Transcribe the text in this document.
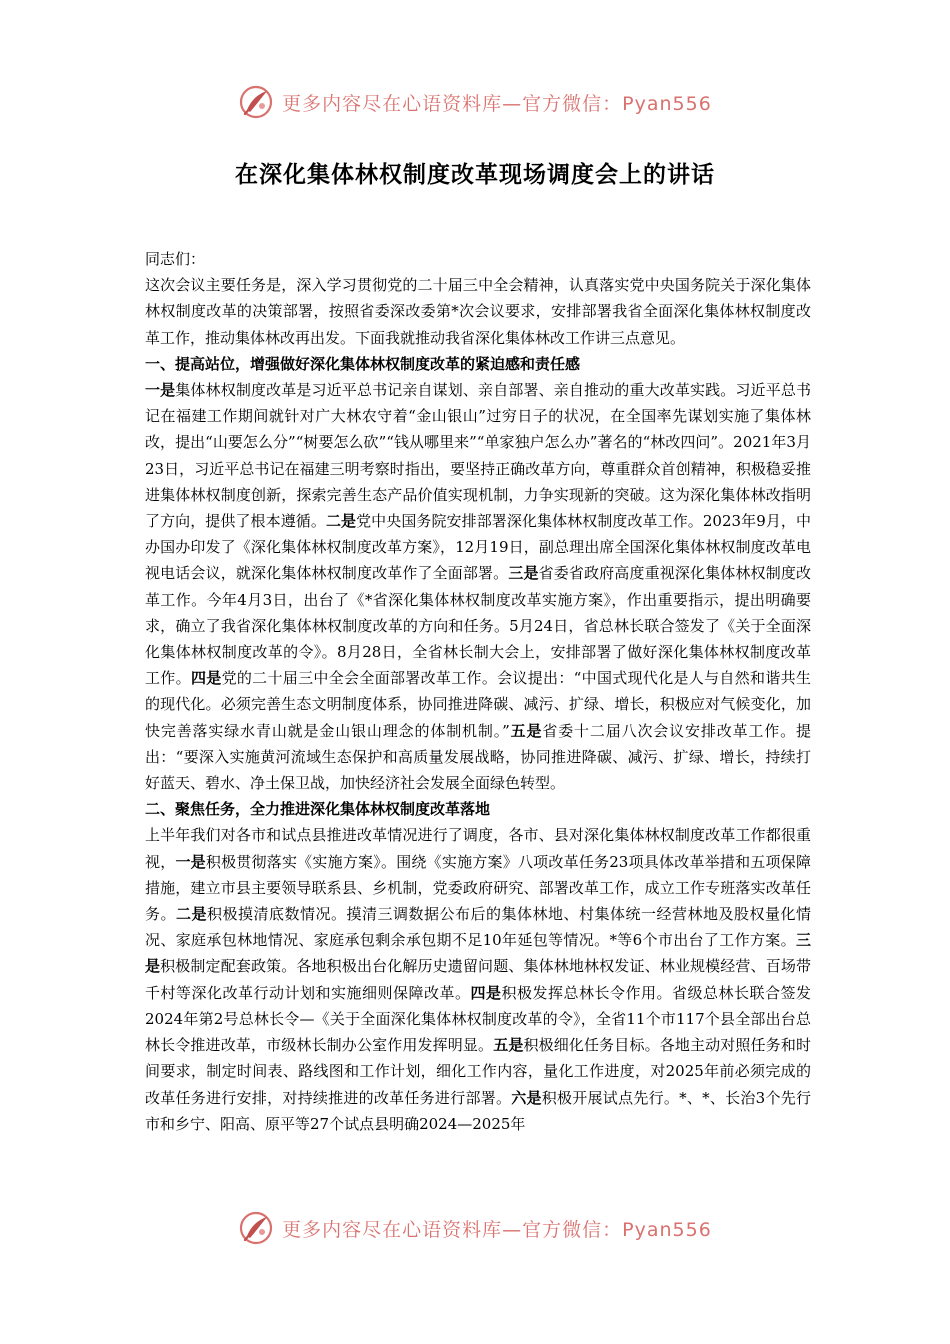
更多内容尽在心语资料库—官方微信：Pyan556
在深化集体林权制度改革现场调度会上的讲话

同志们：

这次会议主要任务是，深入学习贯彻党的二十届三中全会精神，认真落实党中央国务院关于深化集体林权制度改革的决策部署，按照省委深改委第*次会议要求，安排部署我省全面深化集体林权制度改革工作，推动集体林改再出发。下面我就推动我省深化集体林改工作讲三点意见。

一、提高站位，增强做好深化集体林权制度改革的紧迫感和责任感

一是集体林权制度改革是习近平总书记亲自谋划、亲自部署、亲自推动的重大改革实践。习近平总书记在福建工作期间就针对广大林农守着“金山银山”过穷日子的状况，在全国率先谋划实施了集体林改，提出“山要怎么分”“树要怎么砍”“钱从哪里来”“单家独户怎么办”著名的“林改四问”。2021年3月23日，习近平总书记在福建三明考察时指出，要坚持正确改革方向，尊重群众首创精神，积极稳妥推进集体林权制度创新，探索完善生态产品价值实现机制，力争实现新的突破。这为深化集体林改指明了方向，提供了根本遵循。二是党中央国务院安排部署深化集体林权制度改革工作。2023年9月，中办国办印发了《深化集体林权制度改革方案》，12月19日，副总理出席全国深化集体林权制度改革电视电话会议，就深化集体林权制度改革作了全面部署。三是省委省政府高度重视深化集体林权制度改革工作。今年4月3日，出台了《*省深化集体林权制度改革实施方案》，作出重要指示，提出明确要求，确立了我省深化集体林权制度改革的方向和任务。5月24日，省总林长联合签发了《关于全面深化集体林权制度改革的令》。8月28日，全省林长制大会上，安排部署了做好深化集体林权制度改革工作。四是党的二十届三中全会全面部署改革工作。会议提出：“中国式现代化是人与自然和谐共生的现代化。必须完善生态文明制度体系，协同推进降碳、减污、扩绿、增长，积极应对气候变化，加快完善落实绿水青山就是金山银山理念的体制机制。”五是省委十二届八次会议安排改革工作。提出：“要深入实施黄河流域生态保护和高质量发展战略，协同推进降碳、减污、扩绿、增长，持续打好蓝天、碧水、净土保卫战，加快经济社会发展全面绿色转型。

二、聚焦任务，全力推进深化集体林权制度改革落地

上半年我们对各市和试点县推进改革情况进行了调度，各市、县对深化集体林权制度改革工作都很重视，一是积极贯彻落实《实施方案》。围绕《实施方案》八项改革任务23项具体改革举措和五项保障措施，建立市县主要领导联系县、乡机制，党委政府研究、部署改革工作，成立工作专班落实改革任务。二是积极摸清底数情况。摸清三调数据公布后的集体林地、村集体统一经营林地及股权量化情况、家庭承包林地情况、家庭承包剩余承包期不足10年延包等情况。*等6个市出台了工作方案。三是积极制定配套政策。各地积极出台化解历史遗留问题、集体林地林权发证、林业规模经营、百场带千村等深化改革行动计划和实施细则保障改革。四是积极发挥总林长令作用。省级总林长联合签发2024年第2号总林长令—《关于全面深化集体林权制度改革的令》，全省11个市117个县全部出台总林长令推进改革，市级林长制办公室作用发挥明显。五是积极细化任务目标。各地主动对照任务和时间要求，制定时间表、路线图和工作计划，细化工作内容，量化工作进度，对2025年前必须完成的改革任务进行安排，对持续推进的改革任务进行部署。六是积极开展试点先行。*、*、长治3个先行市和乡宁、阳高、原平等27个试点县明确2024—2025年

更多内容尽在心语资料库—官方微信：Pyan556
